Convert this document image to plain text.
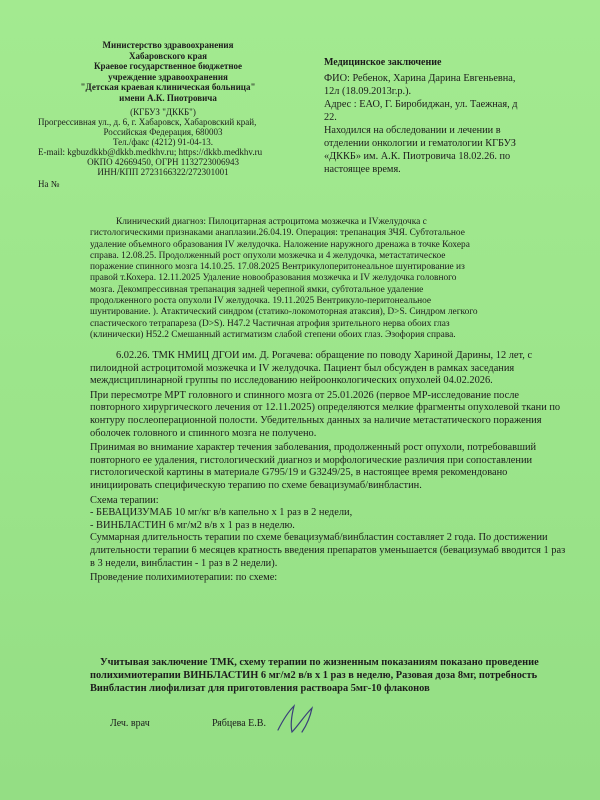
Министерство здравоохранения
Хабаровского края
Краевое государственное бюджетное
учреждение здравоохранения
"Детская краевая клиническая больница"
имени А.К. Пиотровича
(КГБУЗ "ДККБ")
Прогрессивная ул., д. 6, г. Хабаровск, Хабаровский край,
Российская Федерация, 680003
Тел./факс (4212) 91-04-13.
E-mail: kgbuzdkkb@dkkb.medkhv.ru; https://dkkb.medkhv.ru
ОКПО 42669450, ОГРН 1132723006943
ИНН/КПП 2723166322/272301001
На №
Медицинское заключение
ФИО: Ребенок, Харина Дарина Евгеньевна,
12л (18.09.2013г.р.).
Адрес : ЕАО, Г. Биробиджан, ул. Таежная, д
22.
Находился на обследовании и лечении в
отделении онкологии и гематологии КГБУЗ
«ДККБ» им. А.К. Пиотровича 18.02.26. по
настоящее время.

Клинический диагноз: Пилоцитарная астроцитома мозжечка и IVжелудочка с

гистологическими признаками анаплазии.26.04.19. Операция: трепанация ЗЧЯ. Субтотальное

удаление объемного образования IV желудочка. Наложение наружного дренажа в точке Кохера

справа. 12.08.25. Продолженный рост опухоли мозжечка и 4 желудочка, метастатическое

поражение спинного мозга 14.10.25. 17.08.2025 Вентрикулоперитонеальное шунтирование из

правой т.Кохера. 12.11.2025 Удаление новообразования мозжечка и IV желудочка головного

мозга. Декомпрессивная трепанация задней черепной ямки, субтотальное удаление

продолженного роста опухоли IV желудочка. 19.11.2025 Вентрикуло-перитонеальное

шунтирование. ). Атактический синдром (статико-локомоторная атаксия), D>S. Синдром легкого

спастического тетрапареза (D>S). H47.2 Частичная атрофия зрительного нерва обоих глаз

(клинически) H52.2 Смешанный астигматизм слабой степени обоих глаз. Эзофория справа.

6.02.26. ТМК НМИЦ ДГОИ им. Д. Рогачева: обращение по поводу Хариной Дарины, 12 лет, с пилоидной астроцитомой мозжечка и IV желудочка. Пациент был обсужден в рамках заседания междисциплинарной группы по исследованию нейроонкологических опухолей 04.02.2026.

При пересмотре МРТ головного и спинного мозга от 25.01.2026 (первое МР-исследование после повторного хирургического лечения от 12.11.2025) определяются мелкие фрагменты опухолевой ткани по контуру послеоперационной полости. Убедительных данных за наличие метастатического поражения оболочек головного и спинного мозга не получено.

Принимая во внимание характер течения заболевания, продолженный рост опухоли, потребовавший повторного ее удаления, гистологический диагноз и морфологические различия при сопоставлении гистологической картины в материале G795/19 и G3249/25, в настоящее время рекомендовано инициировать специфическую терапию по схеме бевацизумаб/винбластин.

Схема терапии:

- БЕВАЦИЗУМАБ 10 мг/кг в/в капельно х 1 раз в 2 недели,

- ВИНБЛАСТИН 6 мг/м2 в/в х 1 раз в неделю.

Суммарная длительность терапии по схеме бевацизумаб/винбластин составляет 2 года. По достижении длительности терапии 6 месяцев кратность введения препаратов уменьшается (бевацизумаб вводится 1 раз в 3 недели, винбластин - 1 раз в 2 недели).

Проведение полихимиотерапии: по схеме:

Учитывая заключение ТМК, схему терапии по жизненным показаниям показано проведение полихимиотерапии ВИНБЛАСТИН 6 мг/м2 в/в х 1 раз в неделю, Разовая доза 8мг, потребность Винбластин лиофилизат для приготовления раствоара 5мг-10 флаконов

Леч. врач	Рябцева Е.В.
